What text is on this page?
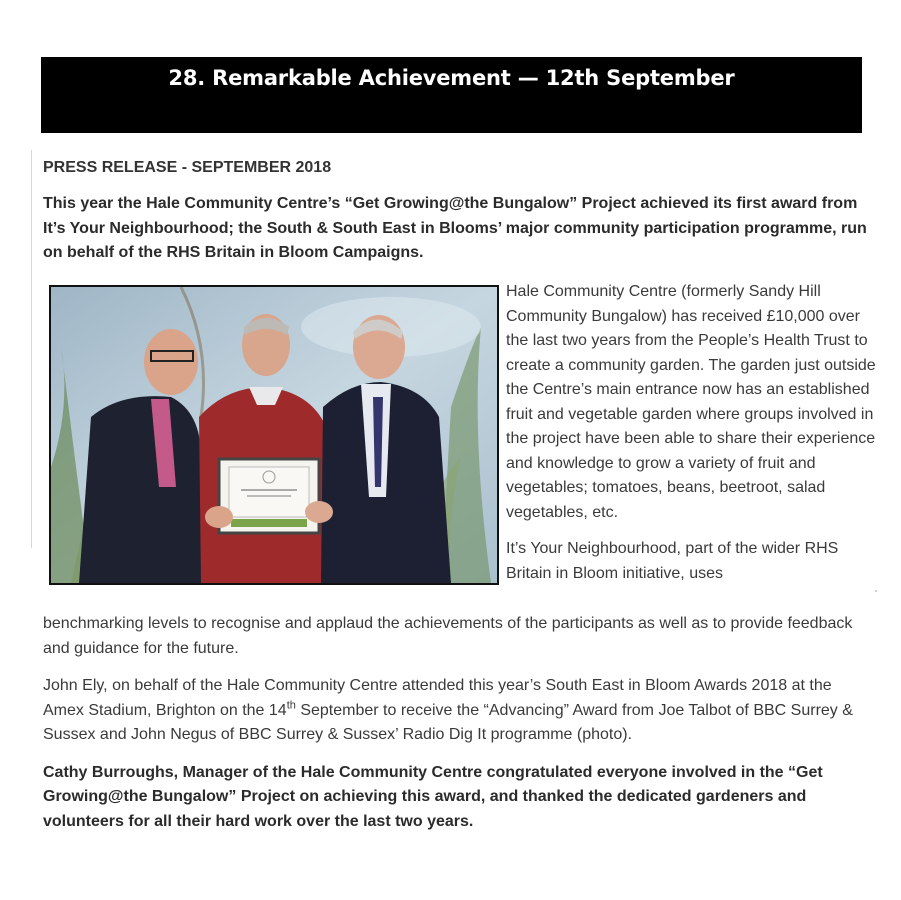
28. Remarkable Achievement — 12th September

PRESS RELEASE - SEPTEMBER 2018

This year the Hale Community Centre’s “Get Growing@the Bungalow” Project achieved its first award from It’s Your Neighbourhood; the South & South East in Blooms’ major community participation programme, run on behalf of the RHS Britain in Bloom Campaigns.

Hale Community Centre (formerly Sandy Hill Community Bungalow) has received £10,000 over the last two years from the People’s Health Trust to create a community garden. The garden just outside the Centre’s main entrance now has an established fruit and vegetable garden where groups involved in the project have been able to share their experience and knowledge to grow a variety of fruit and vegetables; tomatoes, beans, beetroot, salad vegetables, etc.

It’s Your Neighbourhood, part of the wider RHS Britain in Bloom initiative, uses

benchmarking levels to recognise and applaud the achievements of the participants as well as to provide feedback and guidance for the future.

John Ely, on behalf of the Hale Community Centre attended this year’s South East in Bloom Awards 2018 at the Amex Stadium, Brighton on the 14th September to receive the “Advancing” Award from Joe Talbot of BBC Surrey & Sussex and John Negus of BBC Surrey & Sussex’ Radio Dig It programme (photo).

Cathy Burroughs, Manager of the Hale Community Centre congratulated everyone involved in the “Get Growing@the Bungalow” Project on achieving this award, and thanked the dedicated gardeners and volunteers for all their hard work over the last two years.
